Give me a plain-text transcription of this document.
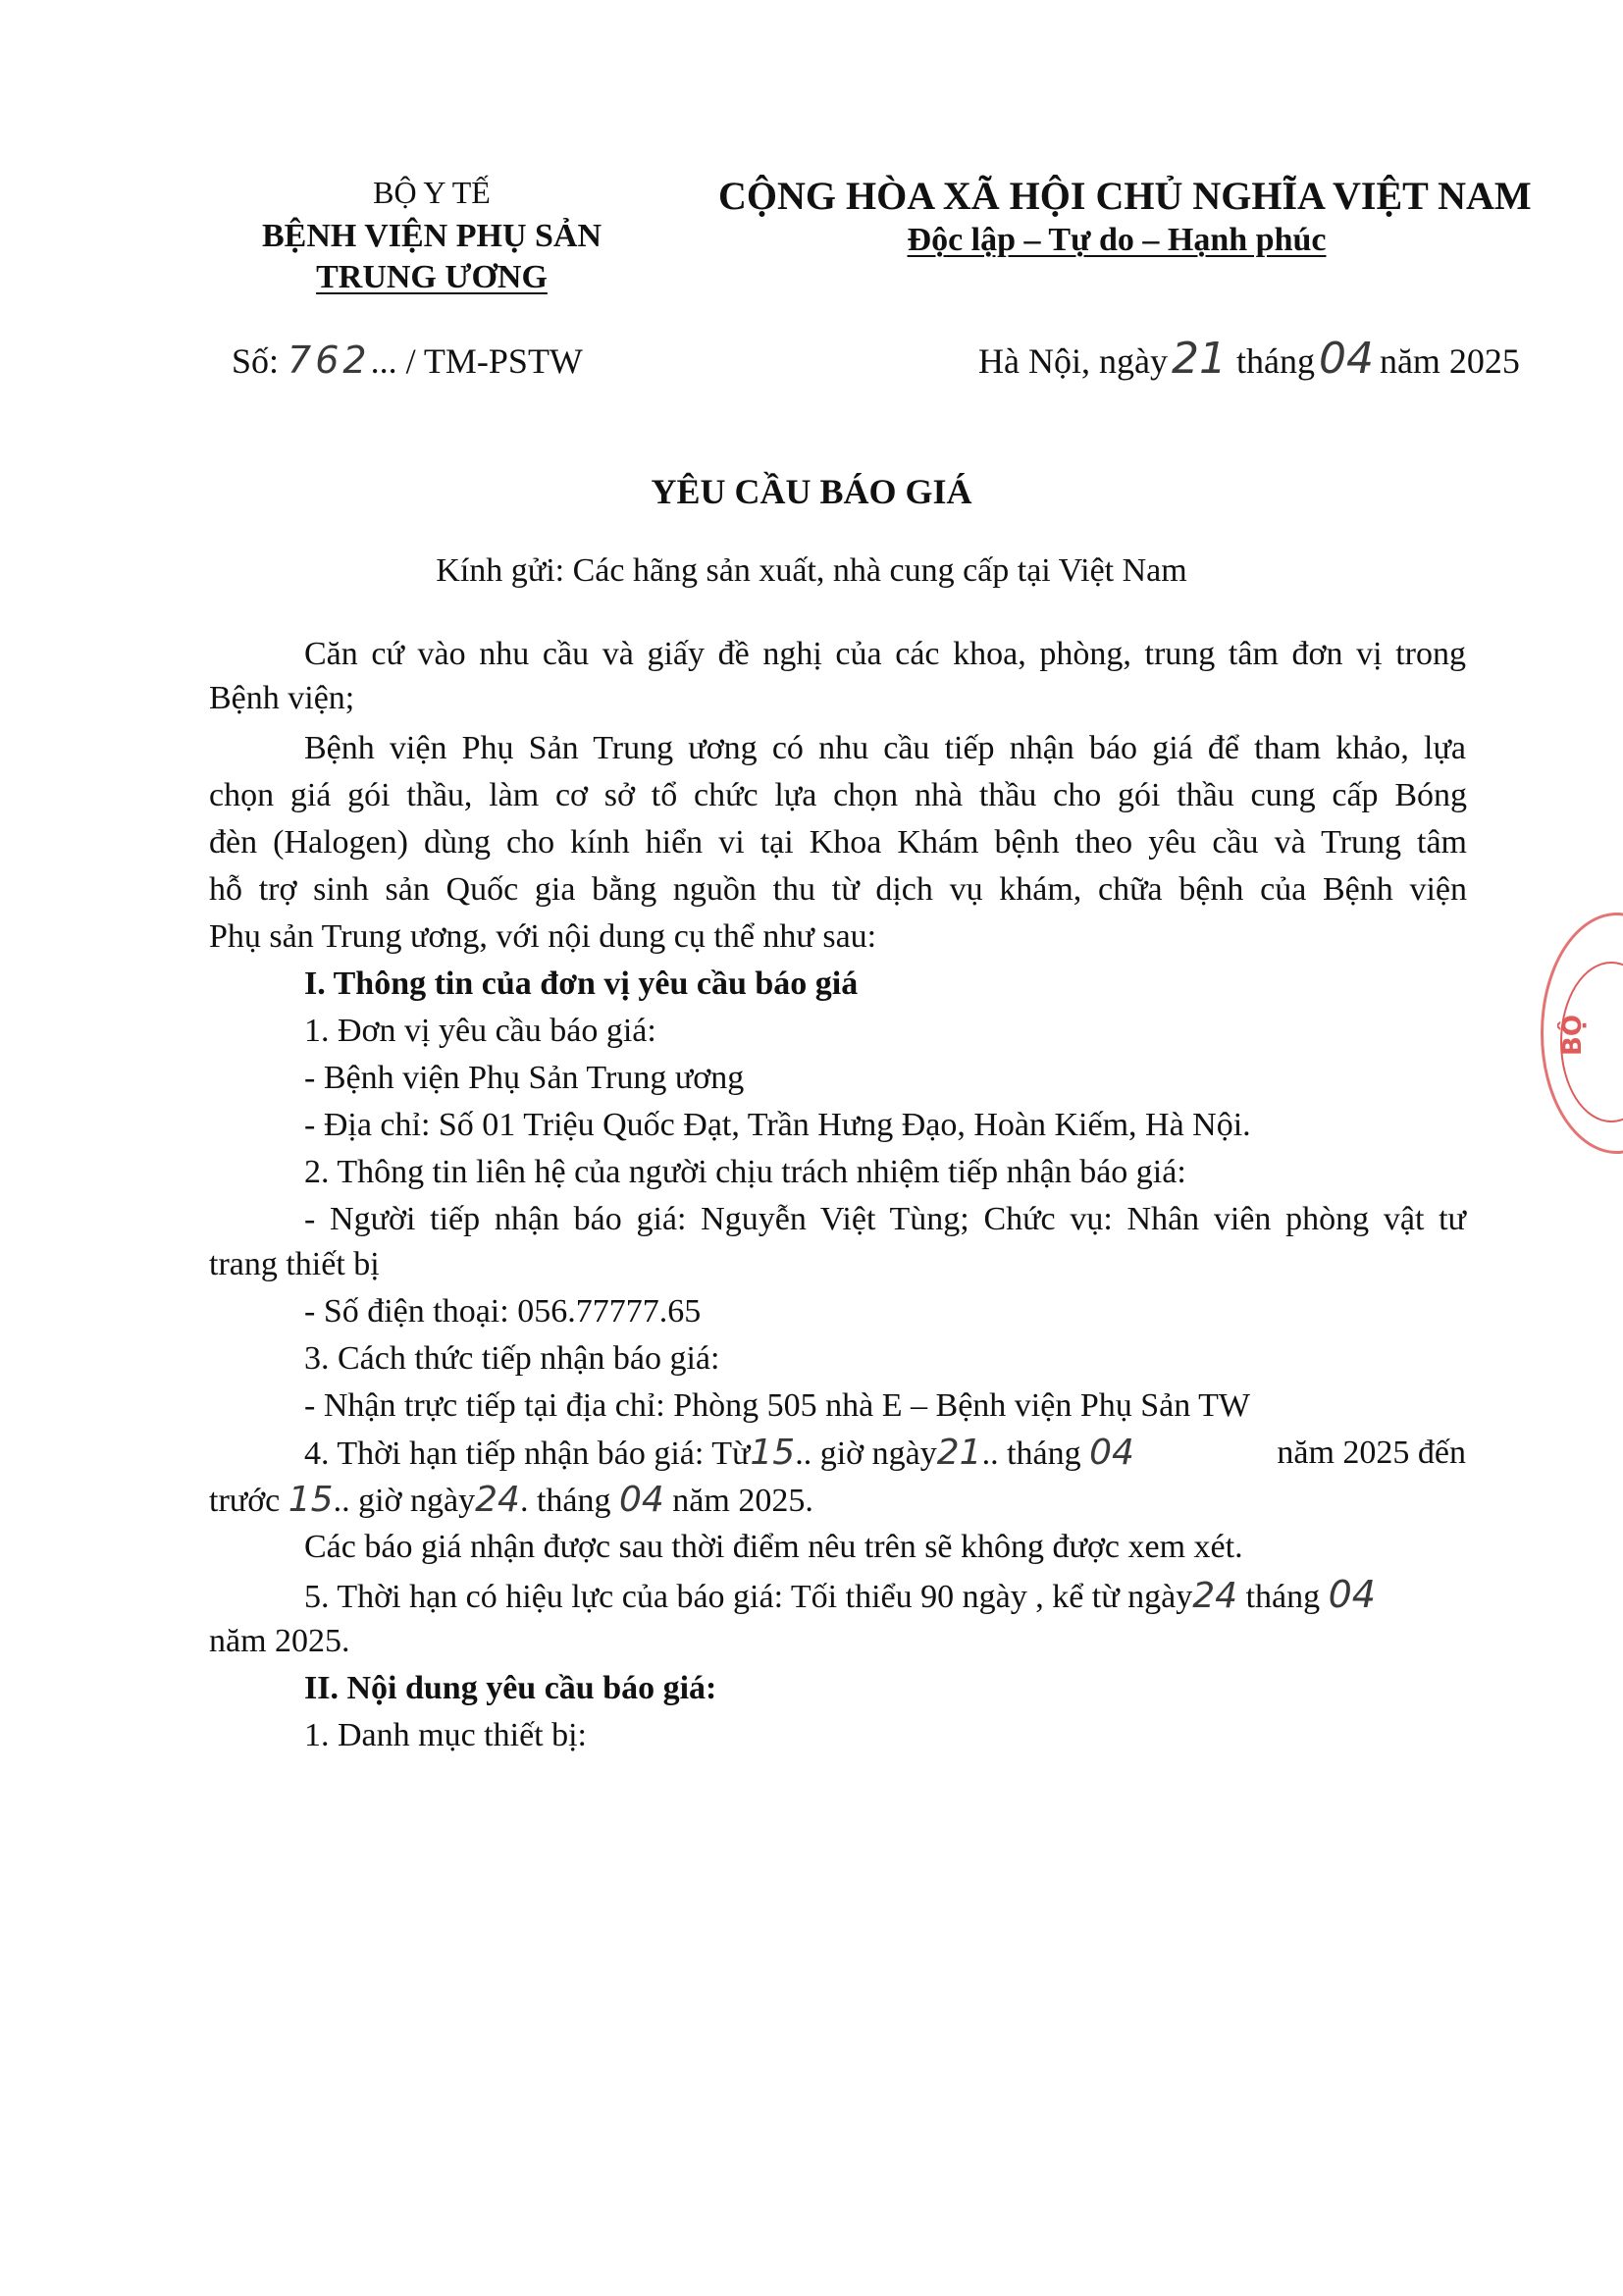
BỘ Y TẾ
BỆNH VIỆN PHỤ SẢN
TRUNG ƯƠNG
CỘNG HÒA XÃ HỘI CHỦ NGHĨA VIỆT NAM
Độc lập – Tự do – Hạnh phúc
Số: 762... / TM-PSTW	Hà Nội, ngày21 tháng04 năm 2025
YÊU CẦU BÁO GIÁ
Kính gửi: Các hãng sản xuất, nhà cung cấp tại Việt Nam
Căn cứ vào nhu cầu và giấy đề nghị của các khoa, phòng, trung tâm đơn vị trong
Bệnh viện;
Bệnh viện Phụ Sản Trung ương có nhu cầu tiếp nhận báo giá để tham khảo, lựa
chọn giá gói thầu, làm cơ sở tổ chức lựa chọn nhà thầu cho gói thầu cung cấp Bóng
đèn (Halogen) dùng cho kính hiển vi tại Khoa Khám bệnh theo yêu cầu và Trung tâm
hỗ trợ sinh sản Quốc gia bằng nguồn thu từ dịch vụ khám, chữa bệnh của Bệnh viện
Phụ sản Trung ương, với nội dung cụ thể như sau:
I. Thông tin của đơn vị yêu cầu báo giá
1. Đơn vị yêu cầu báo giá:
- Bệnh viện Phụ Sản Trung ương
- Địa chỉ: Số 01 Triệu Quốc Đạt, Trần Hưng Đạo, Hoàn Kiếm, Hà Nội.
2. Thông tin liên hệ của người chịu trách nhiệm tiếp nhận báo giá:
- Người tiếp nhận báo giá: Nguyễn Việt Tùng; Chức vụ: Nhân viên phòng vật tư
trang thiết bị
- Số điện thoại: 056.77777.65
3. Cách thức tiếp nhận báo giá:
- Nhận trực tiếp tại địa chỉ: Phòng 505 nhà E – Bệnh viện Phụ Sản TW
4. Thời hạn tiếp nhận báo giá: Từ15.. giờ ngày21.. tháng 04	năm 2025 đến
trước 15.. giờ ngày24. tháng 04 năm 2025.
Các báo giá nhận được sau thời điểm nêu trên sẽ không được xem xét.
5. Thời hạn có hiệu lực của báo giá: Tối thiểu 90 ngày , kể từ ngày24 tháng 04
năm 2025.
II. Nội dung yêu cầu báo giá:
1. Danh mục thiết bị:
BỘ
